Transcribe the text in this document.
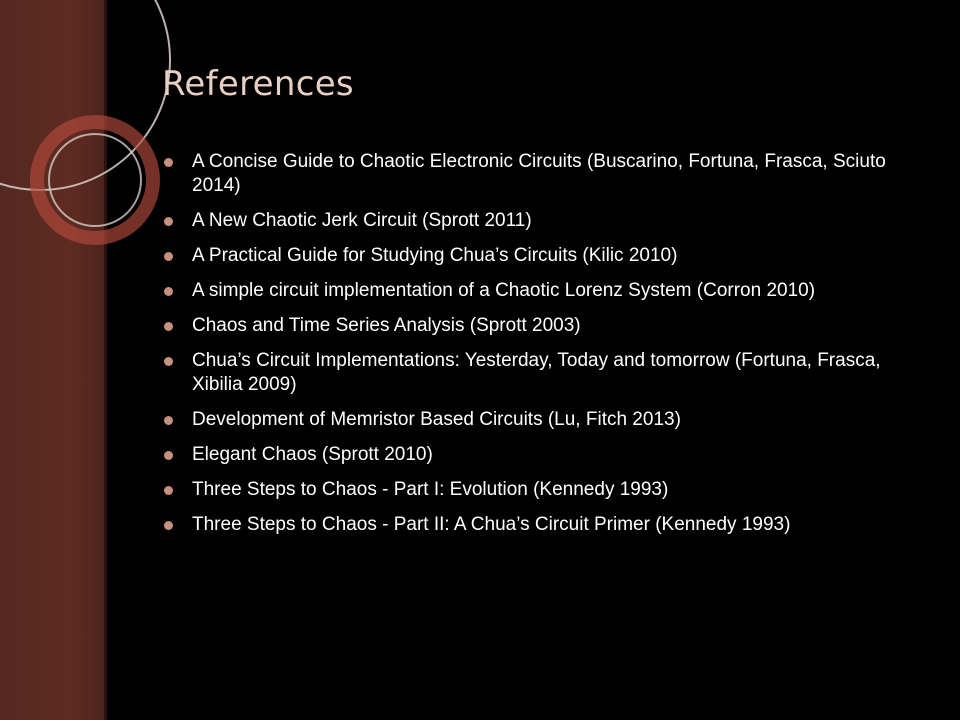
References
A Concise Guide to Chaotic Electronic Circuits (Buscarino, Fortuna, Frasca, Sciuto 2014)
A New Chaotic Jerk Circuit (Sprott 2011)
A Practical Guide for Studying Chua’s Circuits (Kilic 2010)
A simple circuit implementation of a Chaotic Lorenz System (Corron 2010)
Chaos and Time Series Analysis (Sprott 2003)
Chua’s Circuit Implementations: Yesterday, Today and tomorrow (Fortuna, Frasca, Xibilia 2009)
Development of Memristor Based Circuits (Lu, Fitch 2013)
Elegant Chaos (Sprott 2010)
Three Steps to Chaos - Part I: Evolution (Kennedy 1993)
Three Steps to Chaos - Part II: A Chua’s Circuit Primer (Kennedy 1993)
